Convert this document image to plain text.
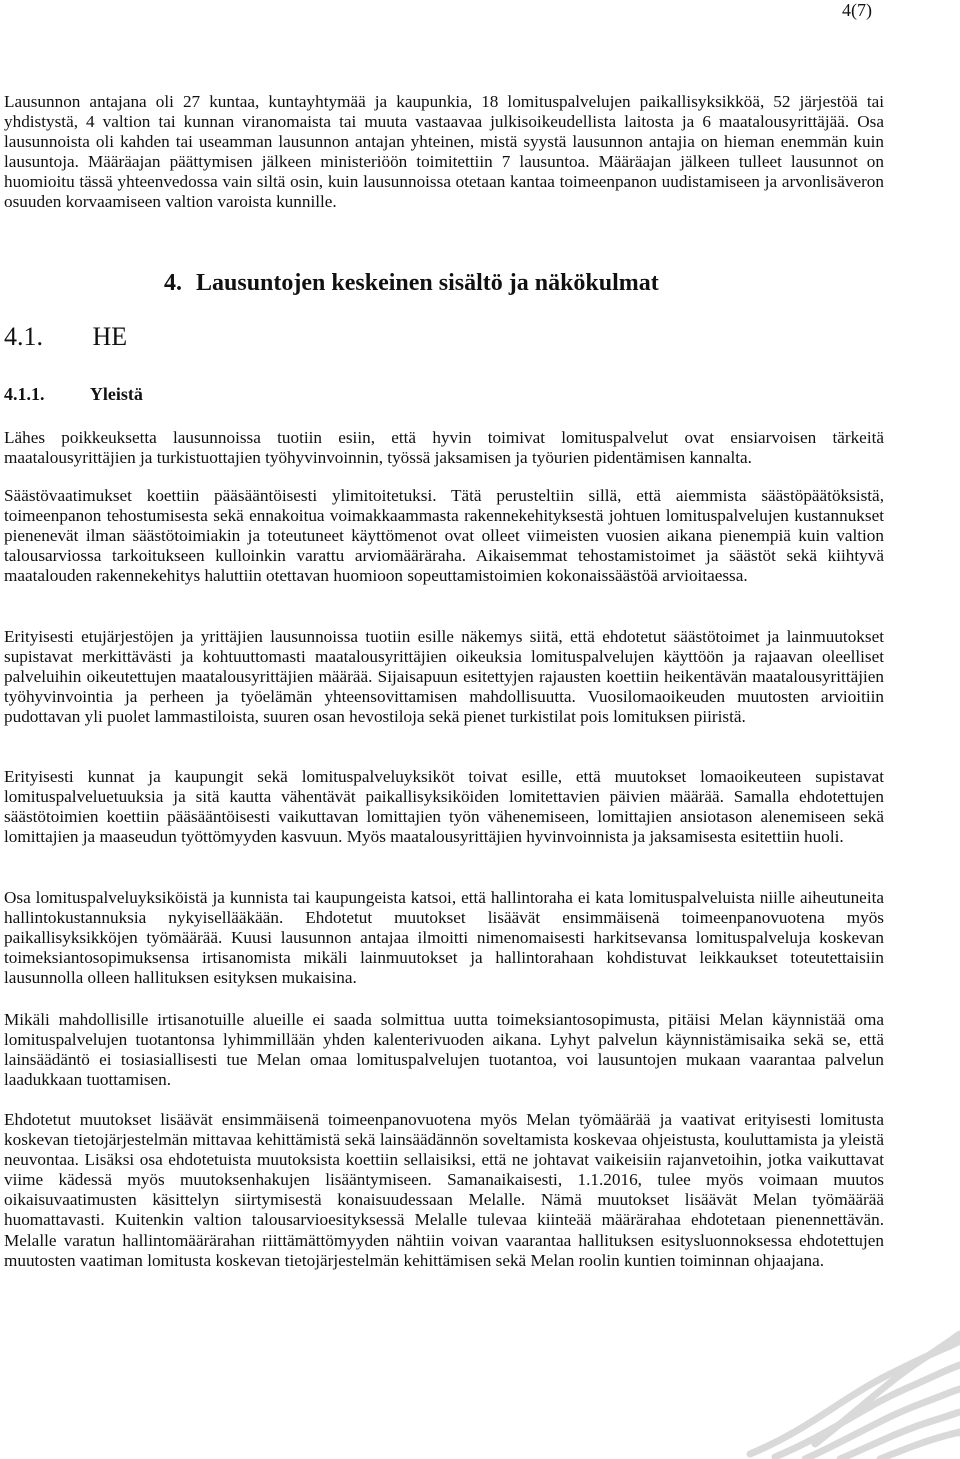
4(7)

Lausunnon antajana oli 27 kuntaa, kuntayhtymää ja kaupunkia, 18 lomituspalvelujen paikallisyksikköä, 52 järjestöä tai yhdistystä, 4 valtion tai kunnan viranomaista tai muuta vastaavaa julkisoikeudellista laitosta ja 6 maatalousyrittäjää. Osa lausunnoista oli kahden tai useamman lausunnon antajan yhteinen, mistä syystä lausunnon antajia on hieman enemmän kuin lausuntoja. Määräajan päättymisen jälkeen ministeriöön toimitettiin 7 lausuntoa. Määräajan jälkeen tulleet lausunnot on huomioitu tässä yhteenvedossa vain siltä osin, kuin lausunnoissa otetaan kantaa toimeenpanon uudistamiseen ja arvonlisäveron osuuden korvaamiseen valtion varoista kunnille.

4. Lausuntojen keskeinen sisältö ja näkökulmat
4.1. HE
4.1.1.	Yleistä

Lähes poikkeuksetta lausunnoissa tuotiin esiin, että hyvin toimivat lomituspalvelut ovat ensiarvoisen tärkeitä maatalousyrittäjien ja turkistuottajien työhyvinvoinnin, työssä jaksamisen ja työurien pidentämisen kannalta.

Säästövaatimukset koettiin pääsääntöisesti ylimitoitetuksi. Tätä perusteltiin sillä, että aiemmista säästöpäätöksistä, toimeenpanon tehostumisesta sekä ennakoitua voimakkaammasta rakennekehityksestä johtuen lomituspalvelujen kustannukset pienenevät ilman säästötoimiakin ja toteutuneet käyttömenot ovat olleet viimeisten vuosien aikana pienempiä kuin valtion talousarviossa tarkoitukseen kulloinkin varattu arviomääräraha. Aikaisemmat tehostamistoimet ja säästöt sekä kiihtyvä maatalouden rakennekehitys haluttiin otettavan huomioon sopeuttamistoimien kokonaissäästöä arvioitaessa.

Erityisesti etujärjestöjen ja yrittäjien lausunnoissa tuotiin esille näkemys siitä, että ehdotetut säästötoimet ja lainmuutokset supistavat merkittävästi ja kohtuuttomasti maatalousyrittäjien oikeuksia lomituspalvelujen käyttöön ja rajaavan oleelliset palveluihin oikeutettujen maatalousyrittäjien määrää. Sijaisapuun esitettyjen rajausten koettiin heikentävän maatalousyrittäjien työhyvinvointia ja perheen ja työelämän yhteensovittamisen mahdollisuutta. Vuosilomaoikeuden muutosten arvioitiin pudottavan yli puolet lammastiloista, suuren osan hevostiloja sekä pienet turkistilat pois lomituksen piiristä.

Erityisesti kunnat ja kaupungit sekä lomituspalveluyksiköt toivat esille, että muutokset lomaoikeuteen supistavat lomituspalveluetuuksia ja sitä kautta vähentävät paikallisyksiköiden lomitettavien päivien määrää. Samalla ehdotettujen säästötoimien koettiin pääsääntöisesti vaikuttavan lomittajien työn vähenemiseen, lomittajien ansiotason alenemiseen sekä lomittajien ja maaseudun työttömyyden kasvuun. Myös maatalousyrittäjien hyvinvoinnista ja jaksamisesta esitettiin huoli.

Osa lomituspalveluyksiköistä ja kunnista tai kaupungeista katsoi, että hallintoraha ei kata lomituspalveluista niille aiheutuneita hallintokustannuksia nykyisellääkään. Ehdotetut muutokset lisäävät ensimmäisenä toimeenpanovuotena myös paikallisyksikköjen työmäärää. Kuusi lausunnon antajaa ilmoitti nimenomaisesti harkitsevansa lomituspalveluja koskevan toimeksiantosopimuksensa irtisanomista mikäli lainmuutokset ja hallintorahaan kohdistuvat leikkaukset toteutettaisiin lausunnolla olleen hallituksen esityksen mukaisina.

Mikäli mahdollisille irtisanotuille alueille ei saada solmittua uutta toimeksiantosopimusta, pitäisi Melan käynnistää oma lomituspalvelujen tuotantonsa lyhimmillään yhden kalenterivuoden aikana. Lyhyt palvelun käynnistämisaika sekä se, että lainsäädäntö ei tosiasiallisesti tue Melan omaa lomituspalvelujen tuotantoa, voi lausuntojen mukaan vaarantaa palvelun laadukkaan tuottamisen.

Ehdotetut muutokset lisäävät ensimmäisenä toimeenpanovuotena myös Melan työmäärää ja vaativat erityisesti lomitusta koskevan tietojärjestelmän mittavaa kehittämistä sekä lainsäädännön soveltamista koskevaa ohjeistusta, kouluttamista ja yleistä neuvontaa. Lisäksi osa ehdotetuista muutoksista koettiin sellaisiksi, että ne johtavat vaikeisiin rajanvetoihin, jotka vaikuttavat viime kädessä myös muutoksenhakujen lisääntymiseen. Samanaikaisesti, 1.1.2016, tulee myös voimaan muutos oikaisuvaatimusten käsittelyn siirtymisestä konaisuudessaan Melalle. Nämä muutokset lisäävät Melan työmäärää huomattavasti. Kuitenkin valtion talousarvioesityksessä Melalle tulevaa kiinteää määrärahaa ehdotetaan pienennettävän. Melalle varatun hallintomäärärahan riittämättömyyden nähtiin voivan vaarantaa hallituksen esitysluonnoksessa ehdotettujen muutosten vaatiman lomitusta koskevan tietojärjestelmän kehittämisen sekä Melan roolin kuntien toiminnan ohjaajana.
